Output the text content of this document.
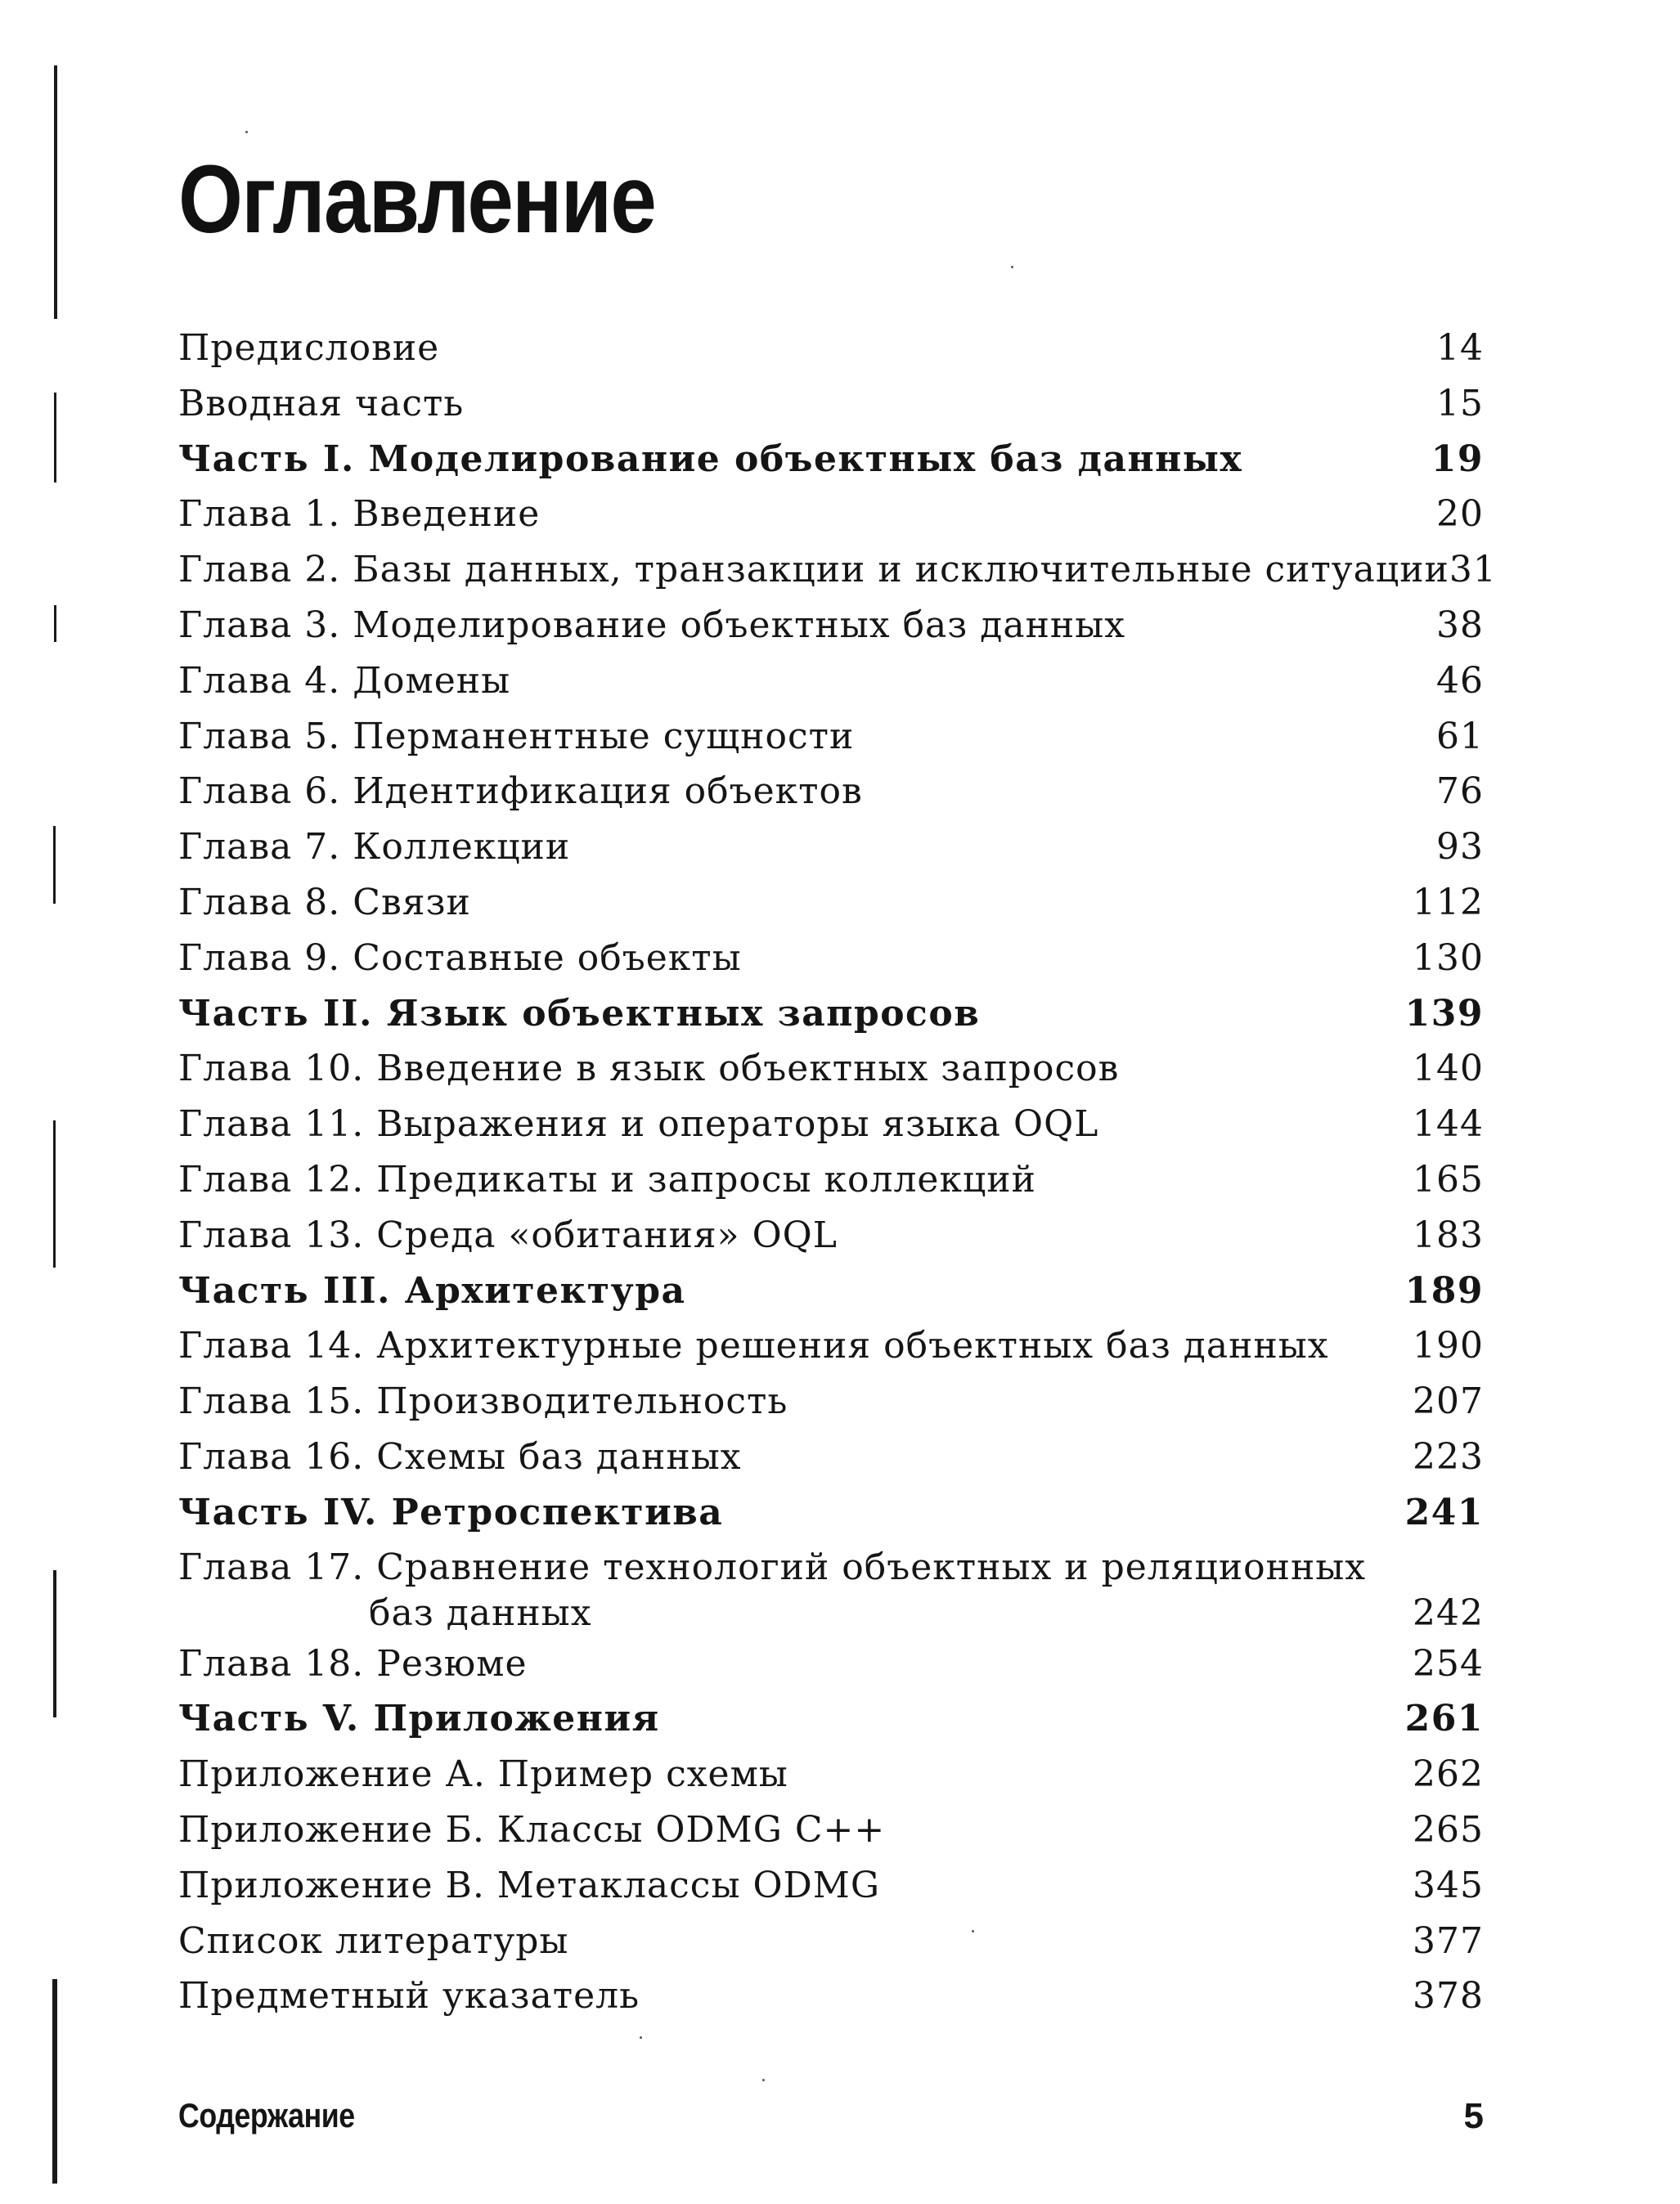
Оглавление
Предисловие	14
Вводная часть	15
Часть I. Моделирование объектных баз данных	19
Глава 1. Введение	20
Глава 2. Базы данных, транзакции и исключительные ситуации 31
Глава 3. Моделирование объектных баз данных	38
Глава 4. Домены	46
Глава 5. Перманентные сущности	61
Глава 6. Идентификация объектов	76
Глава 7. Коллекции	93
Глава 8. Связи	112
Глава 9. Составные объекты	130
Часть II. Язык объектных запросов	139
Глава 10. Введение в язык объектных запросов	140
Глава 11. Выражения и операторы языка OQL	144
Глава 12. Предикаты и запросы коллекций	165
Глава 13. Среда «обитания» OQL	183
Часть III. Архитектура	189
Глава 14. Архитектурные решения объектных баз данных 190
Глава 15. Производительность	207
Глава 16. Схемы баз данных	223
Часть IV. Ретроспектива	241
Глава 17. Сравнение технологий объектных и реляционных
баз данных	242
Глава 18. Резюме	254
Часть V. Приложения	261
Приложение А. Пример схемы	262
Приложение Б. Классы ODMG C++	265
Приложение В. Метаклассы ODMG	345
Список литературы	377
Предметный указатель	378
Содержание	5
